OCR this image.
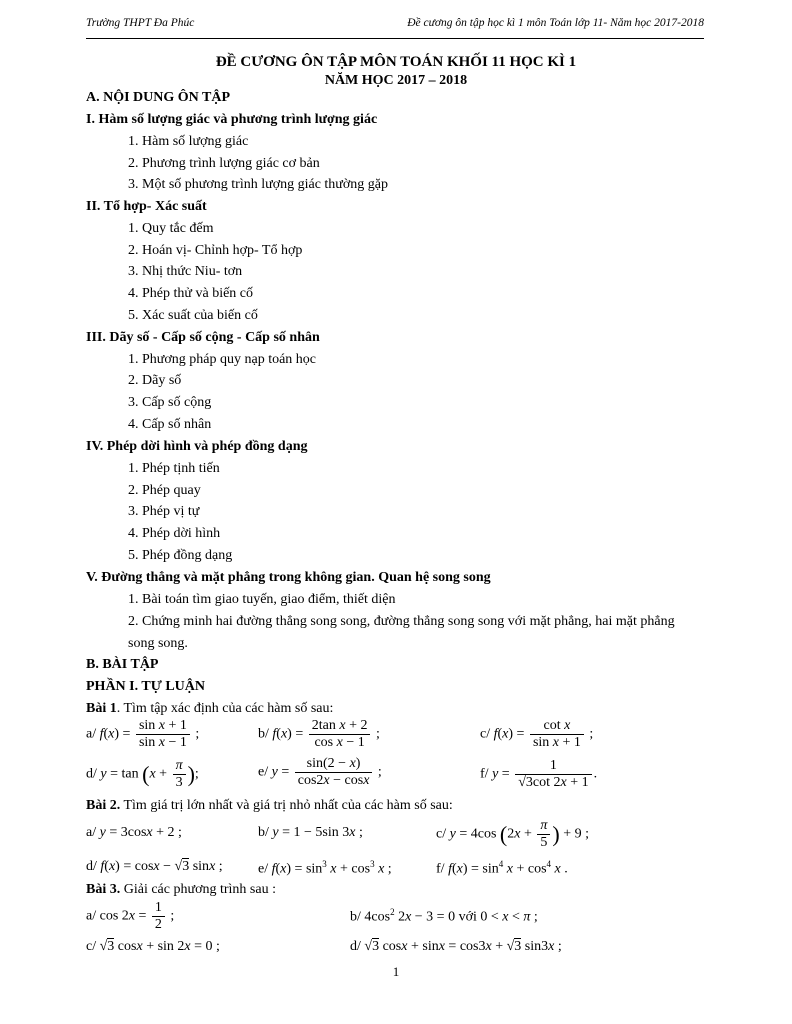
Trường THPT Đa Phúc	Đề cương ôn tập học kì 1 môn Toán lớp 11- Năm học 2017-2018
ĐỀ CƯƠNG ÔN TẬP MÔN TOÁN KHỐI 11 HỌC KÌ 1
NĂM HỌC 2017 – 2018
A. NỘI DUNG ÔN TẬP
I. Hàm số lượng giác và phương trình lượng giác
1. Hàm số lượng giác
2. Phương trình lượng giác cơ bản
3. Một số phương trình lượng giác thường gặp
II. Tổ hợp- Xác suất
1. Quy tắc đếm
2. Hoán vị- Chỉnh hợp- Tổ hợp
3. Nhị thức Niu- tơn
4. Phép thử và biến cố
5. Xác suất của biến cố
III. Dãy số - Cấp số cộng - Cấp số nhân
1. Phương pháp quy nạp toán học
2. Dãy số
3. Cấp số cộng
4. Cấp số nhân
IV. Phép dời hình và phép đồng dạng
1. Phép tịnh tiến
2. Phép quay
3. Phép vị tự
4. Phép dời hình
5. Phép đồng dạng
V. Đường thẳng và mặt phẳng trong không gian. Quan hệ song song
1. Bài toán tìm giao tuyến, giao điểm, thiết diện
2. Chứng minh hai đường thẳng song song, đường thẳng song song với mặt phẳng, hai mặt phẳng
song song.
B. BÀI TẬP
PHẦN I. TỰ LUẬN
Bài 1. Tìm tập xác định của các hàm số sau:
a/ $f(x) = \frac{\text{sin x + 1}}{\text{sin x − 1}}$ ;	b/ $f(x) = \frac{\text{2tan x + 2}}{\text{cos x − 1}}$ ;	c/ $f(x) = \frac{\text{cot x}}{\text{sin x + 1}}$ ;
d/ $y = \tan (x + \frac{\pi}{3}$ );	e/ $y = \frac{\sin(2 - x)}{\cos 2x - \cos x}$ ;	f/ $y = \frac{1}{√3\cot 2x + 1}$ .
Bài 2. Tìm giá trị lớn nhất và giá trị nhỏ nhất của các hàm số sau:
a/ y = 3cosx + 2 ;	b/ y = 1 − 5sin 3x ;	c/ y = 4cos ($2x + \frac{\pi}{5}$ ) + 9 ;
d/ f(x) = cosx − √3 sinx ;	e/ $f(x) = \sin^3 x + \cos^3 x$ ;	f/ $f(x) = \sin^4 x + \cos^4 x$ .
Bài 3. Giải các phương trình sau :
a/ $\cos 2x = \frac{1}{2}$ ;	b/ $4\cos^2$ 2x − 3 = 0 với 0 < x < π ;
c/ √3 cosx + sin 2x = 0 ;	d/ √3 cosx + sinx = cos3x + √3 sin3x ;
1
